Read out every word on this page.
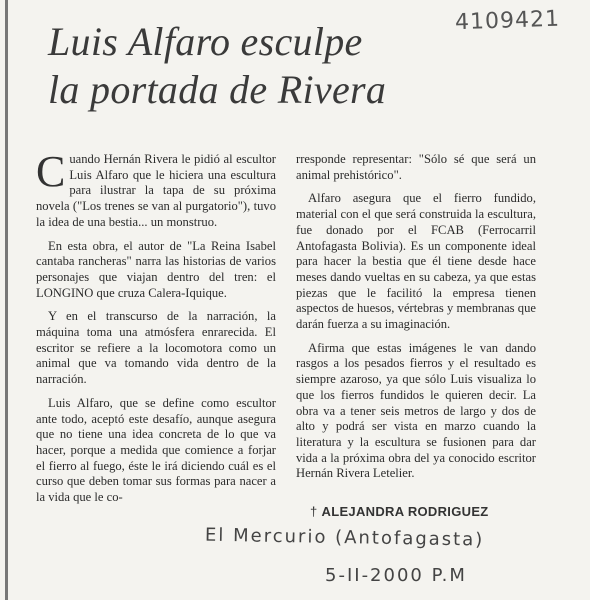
4109421
Luis Alfaro esculpe
la portada de Rivera

Cuando Hernán Rivera le pidió al escultor Luis Alfaro que le hiciera una escultura para ilustrar la tapa de su próxima novela ("Los trenes se van al purgatorio"), tuvo la idea de una bestia... un monstruo.

En esta obra, el autor de "La Reina Isabel cantaba rancheras" narra las historias de varios personajes que viajan dentro del tren: el LONGINO que cruza Calera-Iquique.

Y en el transcurso de la narración, la máquina toma una atmósfera enrarecida. El escritor se refiere a la locomotora como un animal que va tomando vida dentro de la narración.

Luis Alfaro, que se define como escultor ante todo, aceptó este desafío, aunque asegura que no tiene una idea concreta de lo que va hacer, porque a medida que comience a forjar el fierro al fuego, éste le irá diciendo cuál es el curso que deben tomar sus formas para nacer a la vida que le co-

rresponde representar: "Sólo sé que será un animal prehistórico".

Alfaro asegura que el fierro fundido, material con el que será construida la escultura, fue donado por el FCAB (Ferrocarril Antofagasta Bolivia). Es un componente ideal para hacer la bestia que él tiene desde hace meses dando vueltas en su cabeza, ya que estas piezas que le facilitó la empresa tienen aspectos de huesos, vértebras y membranas que darán fuerza a su imaginación.

Afirma que estas imágenes le van dando rasgos a los pesados fierros y el resultado es siempre azaroso, ya que sólo Luis visualiza lo que los fierros fundidos le quieren decir. La obra va a tener seis metros de largo y dos de alto y podrá ser vista en marzo cuando la literatura y la escultura se fusionen para dar vida a la próxima obra del ya conocido escritor Hernán Rivera Letelier.

† ALEJANDRA RODRIGUEZ
El Mercurio (Antofagasta)
5-II-2000 P.M
